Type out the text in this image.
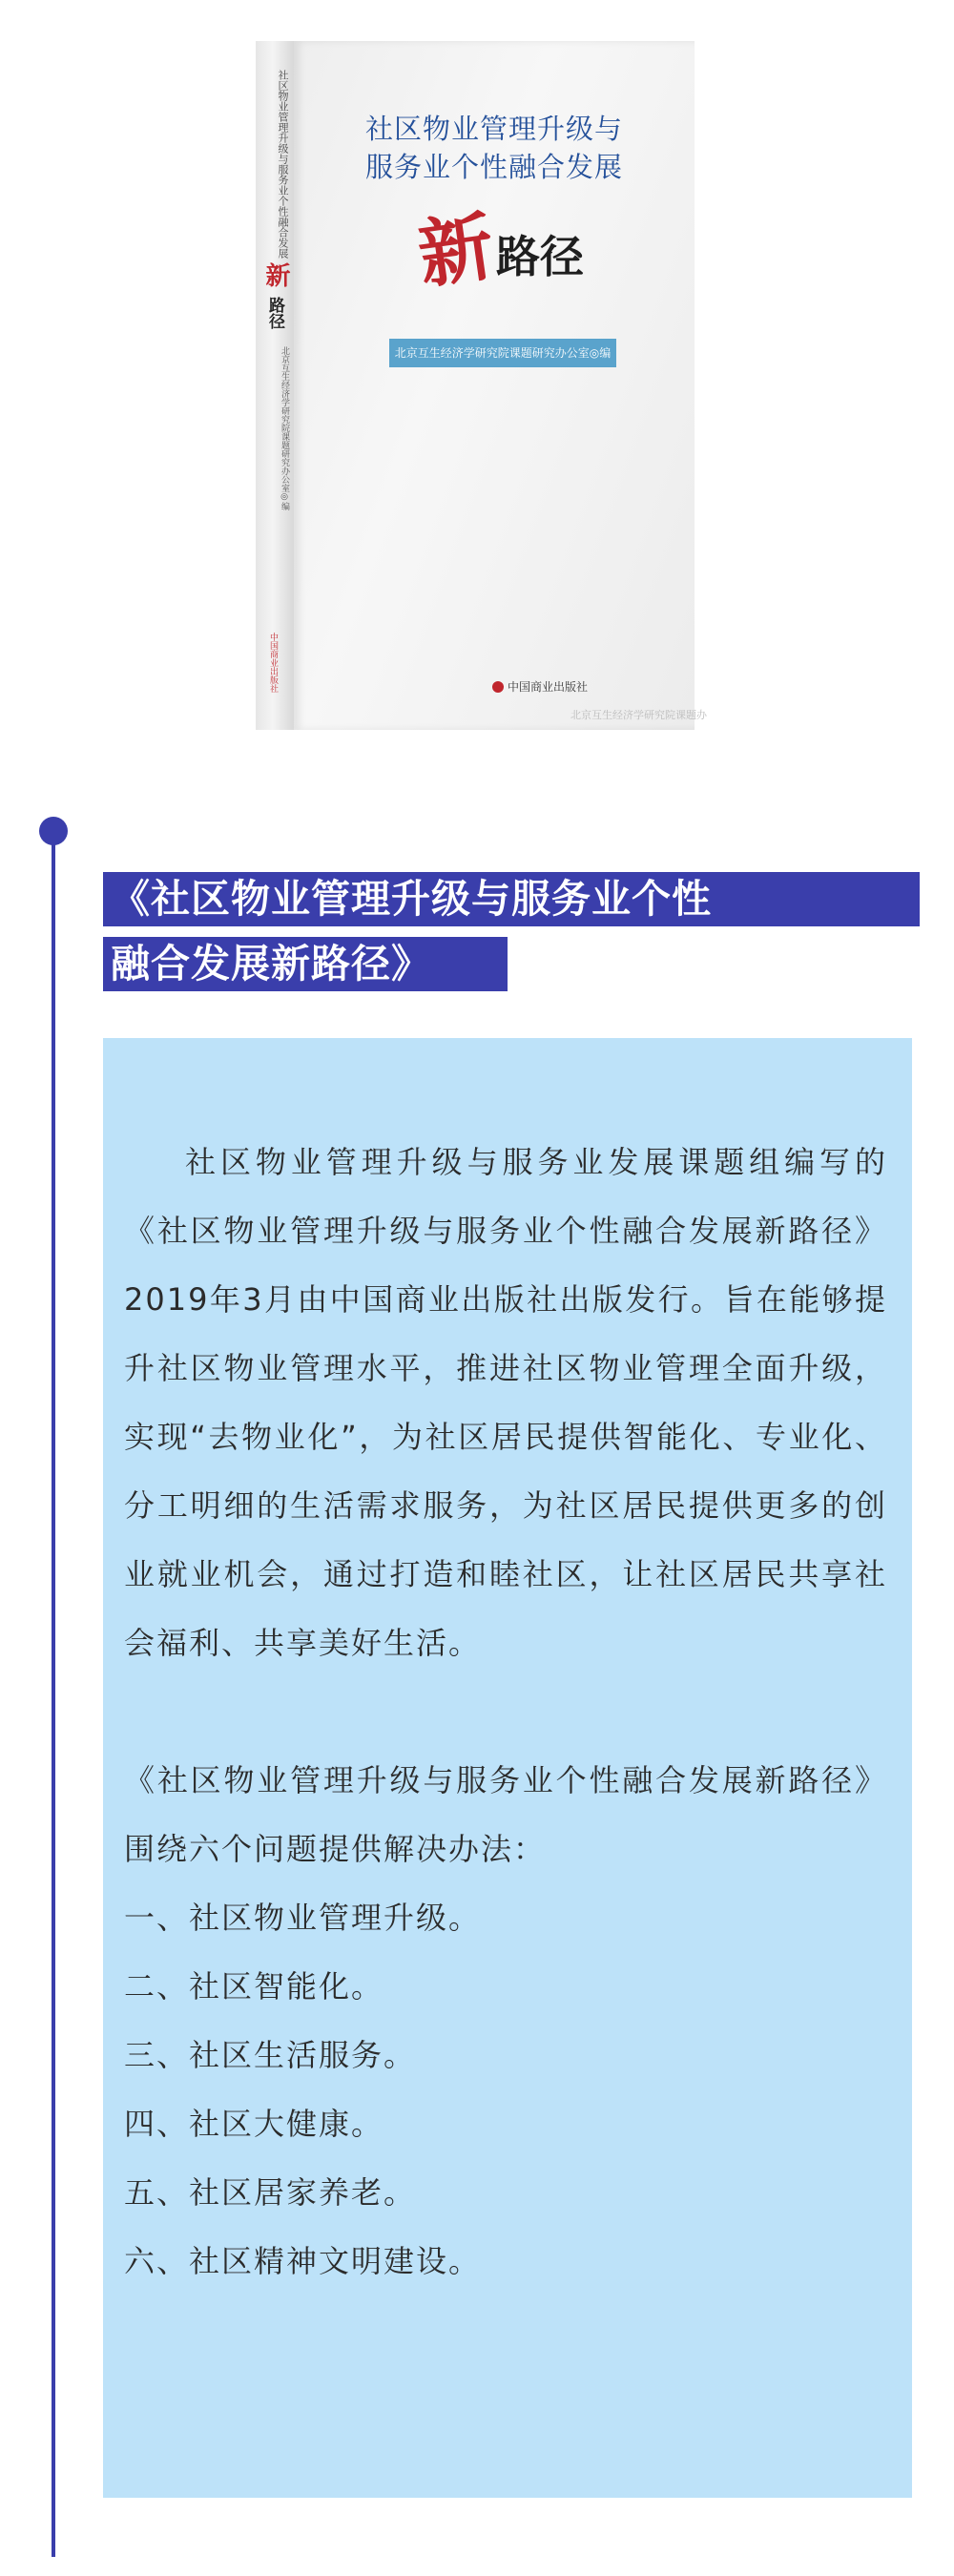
社区物业管理升级与服务业个性融合发展
新
路径
北京互生经济学研究院课题研究办公室◎编
中国商业出版社
社区物业管理升级与
服务业个性融合发展
新
路径
北京互生经济学研究院课题研究办公室◎编
中国商业出版社
北京互生经济学研究院课题办
《社区物业管理升级与服务业个性
融合发展新路径》

社区物业管理升级与服务业发展课题组编写的《社区物业管理升级与服务业个性融合发展新路径》2019年3月由中国商业出版社出版发行。旨在能够提升社区物业管理水平，推进社区物业管理全面升级，实现“去物业化”，为社区居民提供智能化、专业化、分工明细的生活需求服务，为社区居民提供更多的创业就业机会，通过打造和睦社区，让社区居民共享社会福利、共享美好生活。

《社区物业管理升级与服务业个性融合发展新路径》围绕六个问题提供解决办法：

一、社区物业管理升级。

二、社区智能化。

三、社区生活服务。

四、社区大健康。

五、社区居家养老。

六、社区精神文明建设。
